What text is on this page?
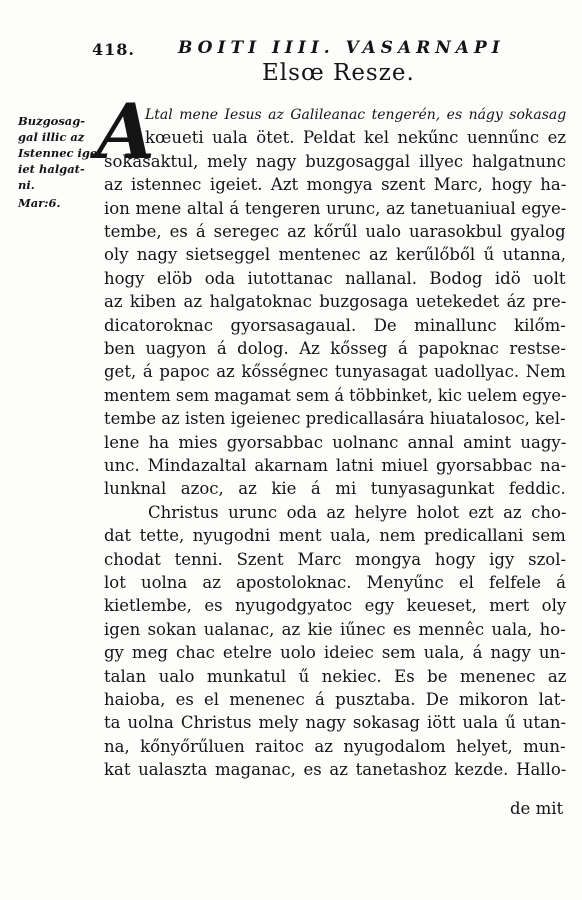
418.	BOITI IIII. VASARNAPI
Elsœ Resze.
Buzgosag-
gal illic az
Istennec ige
iet halgat-
ni.
Mar:6.
A
Ltal mene Iesus az Galileanac tengerén, es nágy sokasag
kœueti uala ötet. Peldat kel nekűnc uennűnc ez
sokasaktul, mely nagy buzgosaggal illyec halgatnunc
az istennec igeiet. Azt mongya szent Marc, hogy ha-
ion mene altal á tengeren urunc, az tanetuaniual egye-
tembe, es á seregec az kőrűl ualo uarasokbul gyalog
oly nagy sietseggel mentenec az kerűlőből ű utanna,
hogy elöb oda iutottanac nallanal. Bodog idö uolt
az kiben az halgatoknac buzgosaga uetekedet áz pre-
dicatoroknac gyorsasagaual. De minallunc kilőm-
ben uagyon á dolog. Az kősseg á papoknac restse-
get, á papoc az kősségnec tunyasagat uadollyac. Nem
mentem sem magamat sem á többinket, kic uelem egye-
tembe az isten igeienec predicallasára hiuatalosoc, kel-
lene ha mies gyorsabbac uolnanc annal amint uagy-
unc. Mindazaltal akarnam latni miuel gyorsabbac na-
lunknal azoc, az kie á mi tunyasagunkat feddic.
Christus urunc oda az helyre holot ezt az cho-
dat tette, nyugodni ment uala, nem predicallani sem
chodat tenni. Szent Marc mongya hogy igy szol-
lot uolna az apostoloknac. Menyűnc el felfele á
kietlembe, es nyugodgyatoc egy keueset, mert oly
igen sokan ualanac, az kie iűnec es mennêc uala, ho-
gy meg chac etelre uolo ideiec sem uala, á nagy un-
talan ualo munkatul ű nekiec. Es be menenec az
haioba, es el menenec á pusztaba. De mikoron lat-
ta uolna Christus mely nagy sokasag iött uala ű utan-
na, kőnyőrűluen raitoc az nyugodalom helyet, mun-
kat ualaszta maganac, es az tanetashoz kezde. Hallo-
de mit
